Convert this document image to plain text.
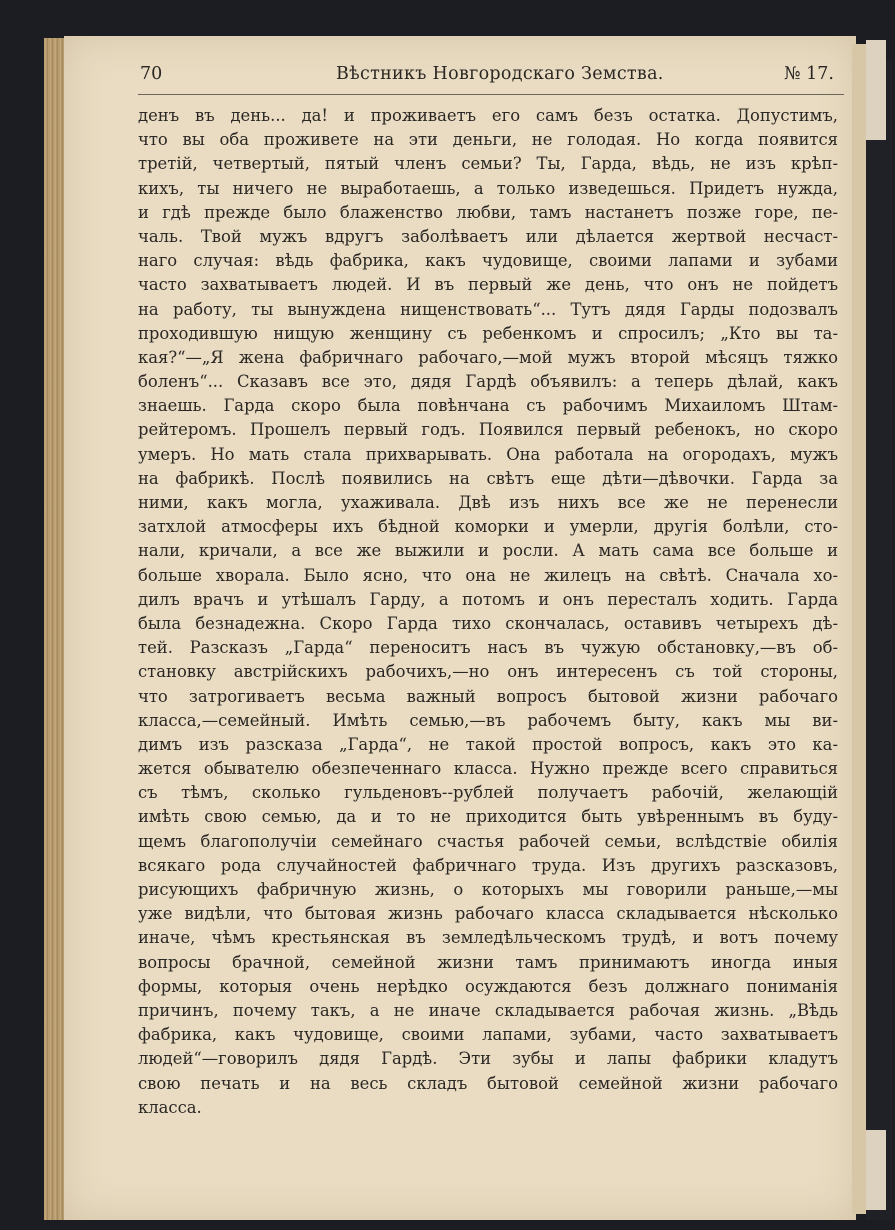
70	Вѣстникъ Новгородскаго Земства.	№ 17.
денъ въ день... да! и проживаетъ его самъ безъ остатка. Допустимъ,
что вы оба проживете на эти деньги, не голодая. Но когда появится
третій, четвертый, пятый членъ семьи? Ты, Гарда, вѣдь, не изъ крѣп-
кихъ, ты ничего не выработаешь, а только изведешься. Придетъ нужда,
и гдѣ прежде было блаженство любви, тамъ настанетъ позже горе, пе-
чаль. Твой мужъ вдругъ заболѣваетъ или дѣлается жертвой несчаст-
наго случая: вѣдь фабрика, какъ чудовище, своими лапами и зубами
часто захватываетъ людей. И въ первый же день, что онъ не пойдетъ
на работу, ты вынуждена нищенствовать“... Тутъ дядя Гарды подозвалъ
проходившую нищую женщину съ ребенкомъ и спросилъ; „Кто вы та-
кая?“—„Я жена фабричнаго рабочаго,—мой мужъ второй мѣсяцъ тяжко
боленъ“... Сказавъ все это, дядя Гардѣ объявилъ: а теперь дѣлай, какъ
знаешь. Гарда скоро была повѣнчана съ рабочимъ Михаиломъ Штам-
рейтеромъ. Прошелъ первый годъ. Появился первый ребенокъ, но скоро
умеръ. Но мать стала прихварывать. Она работала на огородахъ, мужъ
на фабрикѣ. Послѣ появились на свѣтъ еще дѣти—дѣвочки. Гарда за
ними, какъ могла, ухаживала. Двѣ изъ нихъ все же не перенесли
затхлой атмосферы ихъ бѣдной коморки и умерли, другія болѣли, сто-
нали, кричали, а все же выжили и росли. А мать сама все больше и
больше хворала. Было ясно, что она не жилецъ на свѣтѣ. Сначала хо-
дилъ врачъ и утѣшалъ Гарду, а потомъ и онъ пересталъ ходить. Гарда
была безнадежна. Скоро Гарда тихо скончалась, оставивъ четырехъ дѣ-
тей. Разсказъ „Гарда“ переноситъ насъ въ чужую обстановку,—въ об-
становку австрійскихъ рабочихъ,—но онъ интересенъ съ той стороны,
что затрогиваетъ весьма важный вопросъ бытовой жизни рабочаго
класса,—семейный. Имѣть семью,—въ рабочемъ быту, какъ мы ви-
димъ изъ разсказа „Гарда“, не такой простой вопросъ, какъ это ка-
жется обывателю обезпеченнаго класса. Нужно прежде всего справиться
съ тѣмъ, сколько гульденовъ--рублей получаетъ рабочій, желающій
имѣть свою семью, да и то не приходится быть увѣреннымъ въ буду-
щемъ благополучіи семейнаго счастья рабочей семьи, вслѣдствіе обилія
всякаго рода случайностей фабричнаго труда. Изъ другихъ разсказовъ,
рисующихъ фабричную жизнь, о которыхъ мы говорили раньше,—мы
уже видѣли, что бытовая жизнь рабочаго класса складывается нѣсколько
иначе, чѣмъ крестьянская въ земледѣльческомъ трудѣ, и вотъ почему
вопросы брачной, семейной жизни тамъ принимаютъ иногда иныя
формы, которыя очень нерѣдко осуждаются безъ должнаго пониманія
причинъ, почему такъ, а не иначе складывается рабочая жизнь. „Вѣдь
фабрика, какъ чудовище, своими лапами, зубами, часто захватываетъ
людей“—говорилъ дядя Гардѣ. Эти зубы и лапы фабрики кладутъ
свою печать и на весь складъ бытовой семейной жизни рабочаго
класса.
